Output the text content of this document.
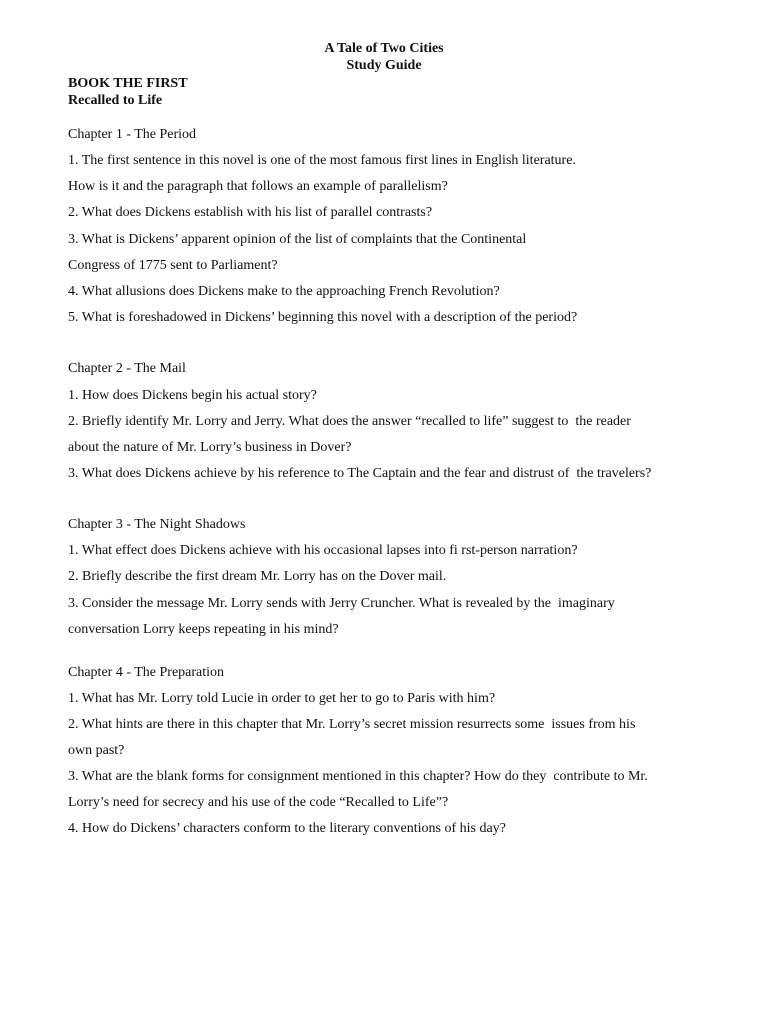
A Tale of Two Cities
Study Guide
BOOK THE FIRST
Recalled to Life
Chapter 1 - The Period
1. The first sentence in this novel is one of the most famous first lines in English literature.
How is it and the paragraph that follows an example of parallelism?
2. What does Dickens establish with his list of parallel contrasts?
3. What is Dickens’ apparent opinion of the list of complaints that the Continental
Congress of 1775 sent to Parliament?
4. What allusions does Dickens make to the approaching French Revolution?
5. What is foreshadowed in Dickens’ beginning this novel with a description of the period?
Chapter 2 - The Mail
1. How does Dickens begin his actual story?
2. Briefly identify Mr. Lorry and Jerry. What does the answer “recalled to life” suggest to  the reader
about the nature of Mr. Lorry’s business in Dover?
3. What does Dickens achieve by his reference to The Captain and the fear and distrust of  the travelers?
Chapter 3 - The Night Shadows
1. What effect does Dickens achieve with his occasional lapses into fi rst-person narration?
2. Briefly describe the first dream Mr. Lorry has on the Dover mail.
3. Consider the message Mr. Lorry sends with Jerry Cruncher. What is revealed by the  imaginary
conversation Lorry keeps repeating in his mind?
Chapter 4 - The Preparation
1. What has Mr. Lorry told Lucie in order to get her to go to Paris with him?
2. What hints are there in this chapter that Mr. Lorry’s secret mission resurrects some  issues from his
own past?
3. What are the blank forms for consignment mentioned in this chapter? How do they  contribute to Mr.
Lorry’s need for secrecy and his use of the code “Recalled to Life”?
4. How do Dickens’ characters conform to the literary conventions of his day?
